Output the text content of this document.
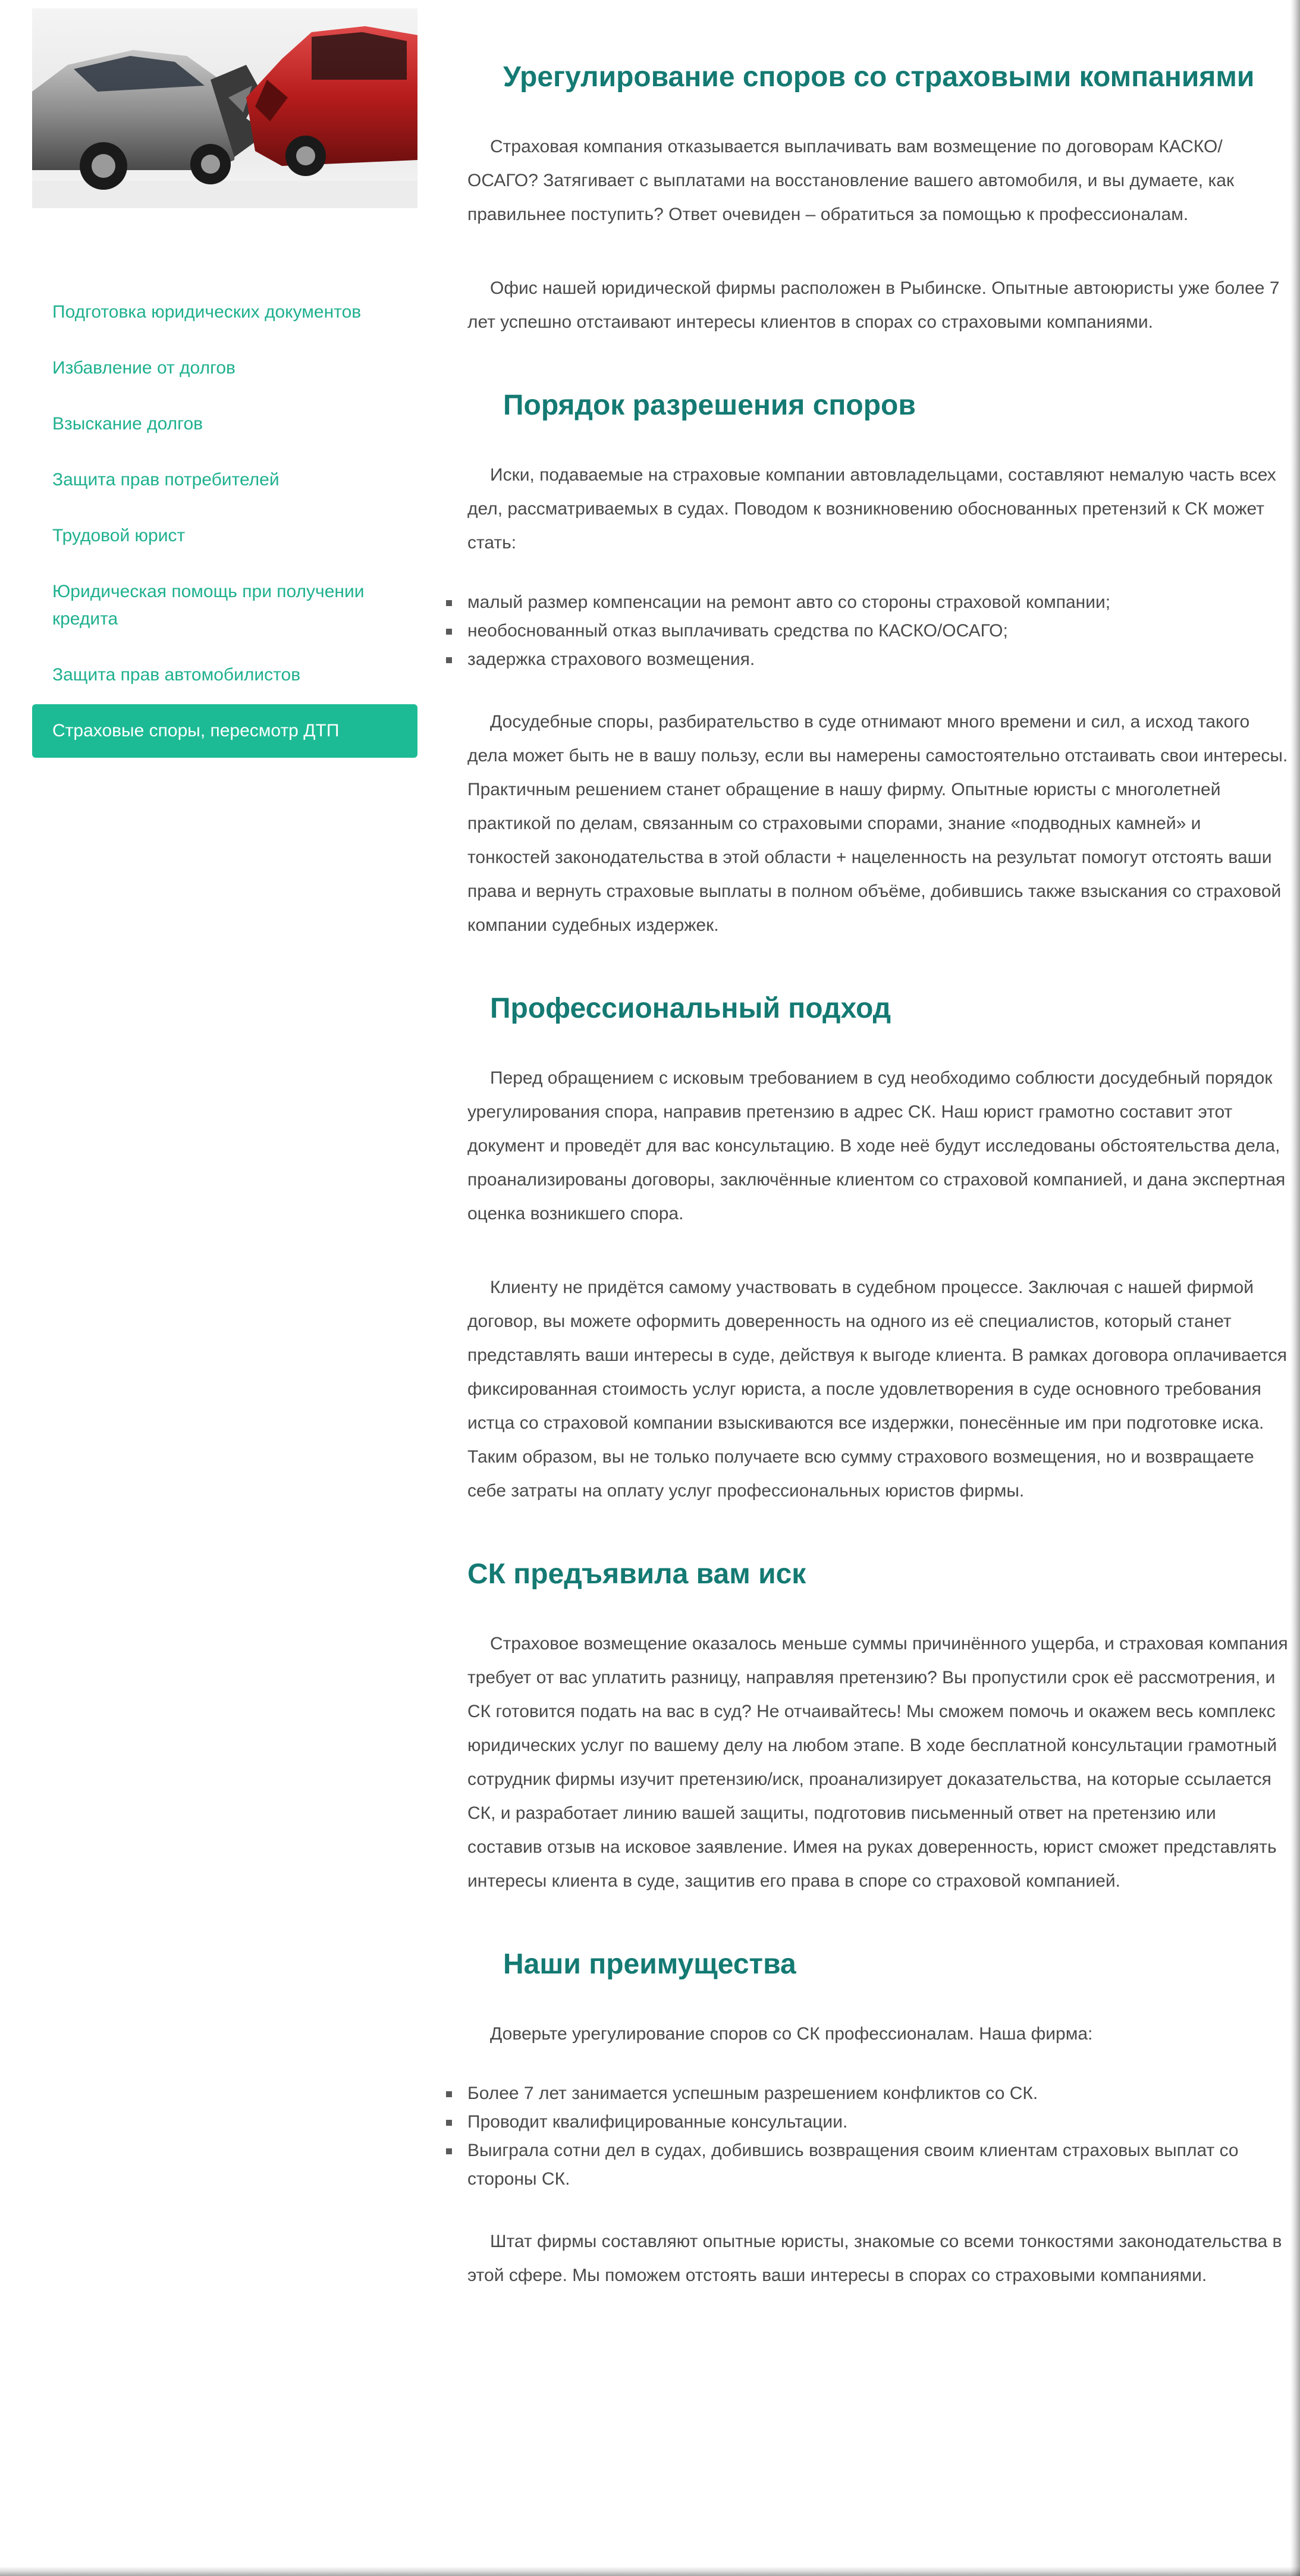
Подготовка юридических документов
Избавление от долгов
Взыскание долгов
Защита прав потребителей
Трудовой юрист
Юридическая помощь при получении кредита
Защита прав автомобилистов
Страховые споры, пересмотр ДТП
Урегулирование споров со страховыми компаниями

Страховая компания отказывается выплачивать вам возмещение по договорам КАСКО/ОСАГО? Затягивает с выплатами на восстановление вашего автомобиля, и вы думаете, как правильнее поступить? Ответ очевиден – обратиться за помощью к профессионалам.

Офис нашей юридической фирмы расположен в Рыбинске. Опытные автоюристы уже более 7 лет успешно отстаивают интересы клиентов в спорах со страховыми компаниями.

Порядок разрешения споров

Иски, подаваемые на страховые компании автовладельцами, составляют немалую часть всех дел, рассматриваемых в судах. Поводом к возникновению обоснованных претензий к СК может стать:

малый размер компенсации на ремонт авто со стороны страховой компании;
необоснованный отказ выплачивать средства по КАСКО/ОСАГО;
задержка страхового возмещения.

Досудебные споры, разбирательство в суде отнимают много времени и сил, а исход такого дела может быть не в вашу пользу, если вы намерены самостоятельно отстаивать свои интересы. Практичным решением станет обращение в нашу фирму. Опытные юристы с многолетней практикой по делам, связанным со страховыми спорами, знание «подводных камней» и тонкостей законодательства в этой области + нацеленность на результат помогут отстоять ваши права и вернуть страховые выплаты в полном объёме, добившись также взыскания со страховой компании судебных издержек.

Профессиональный подход

Перед обращением с исковым требованием в суд необходимо соблюсти досудебный порядок урегулирования спора, направив претензию в адрес СК. Наш юрист грамотно составит этот документ и проведёт для вас консультацию. В ходе неё будут исследованы обстоятельства дела, проанализированы договоры, заключённые клиентом со страховой компанией, и дана экспертная оценка возникшего спора.

Клиенту не придётся самому участвовать в судебном процессе. Заключая с нашей фирмой договор, вы можете оформить доверенность на одного из её специалистов, который станет представлять ваши интересы в суде, действуя к выгоде клиента. В рамках договора оплачивается фиксированная стоимость услуг юриста, а после удовлетворения в суде основного требования истца со страховой компании взыскиваются все издержки, понесённые им при подготовке иска. Таким образом, вы не только получаете всю сумму страхового возмещения, но и возвращаете себе затраты на оплату услуг профессиональных юристов фирмы.

СК предъявила вам иск

Страховое возмещение оказалось меньше суммы причинённого ущерба, и страховая компания требует от вас уплатить разницу, направляя претензию? Вы пропустили срок её рассмотрения, и СК готовится подать на вас в суд? Не отчаивайтесь! Мы сможем помочь и окажем весь комплекс юридических услуг по вашему делу на любом этапе. В ходе бесплатной консультации грамотный сотрудник фирмы изучит претензию/иск, проанализирует доказательства, на которые ссылается СК, и разработает линию вашей защиты, подготовив письменный ответ на претензию или составив отзыв на исковое заявление. Имея на руках доверенность, юрист сможет представлять интересы клиента в суде, защитив его права в споре со страховой компанией.

Наши преимущества

Доверьте урегулирование споров со СК профессионалам. Наша фирма:

Более 7 лет занимается успешным разрешением конфликтов со СК.
Проводит квалифицированные консультации.
Выиграла сотни дел в судах, добившись возвращения своим клиентам страховых выплат со стороны СК.

Штат фирмы составляют опытные юристы, знакомые со всеми тонкостями законодательства в этой сфере. Мы поможем отстоять ваши интересы в спорах со страховыми компаниями.
